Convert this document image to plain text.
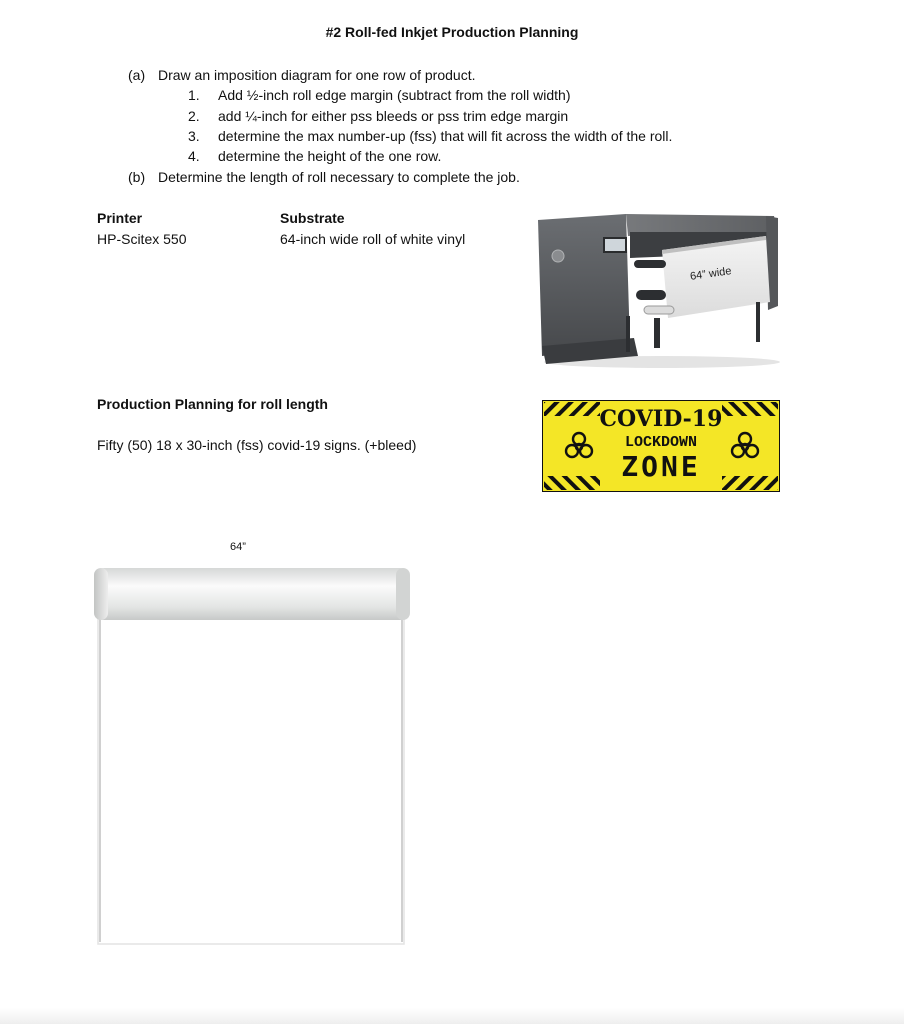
#2 Roll-fed Inkjet Production Planning
(a) Draw an imposition diagram for one row of product.
1. Add ½-inch roll edge margin (subtract from the roll width)
2. add ¼-inch for either pss bleeds or pss trim edge margin
3. determine the max number-up (fss) that will fit across the width of the roll.
4. determine the height of the one row.
(b) Determine the length of roll necessary to complete the job.
Printer
HP-Scitex 550
Substrate
64-inch wide roll of white vinyl
64” wide
Production Planning for roll length
Fifty (50) 18 x 30-inch (fss) covid-19 signs. (+bleed)
COVID-19
LOCKDOWN
ZONE
64”
